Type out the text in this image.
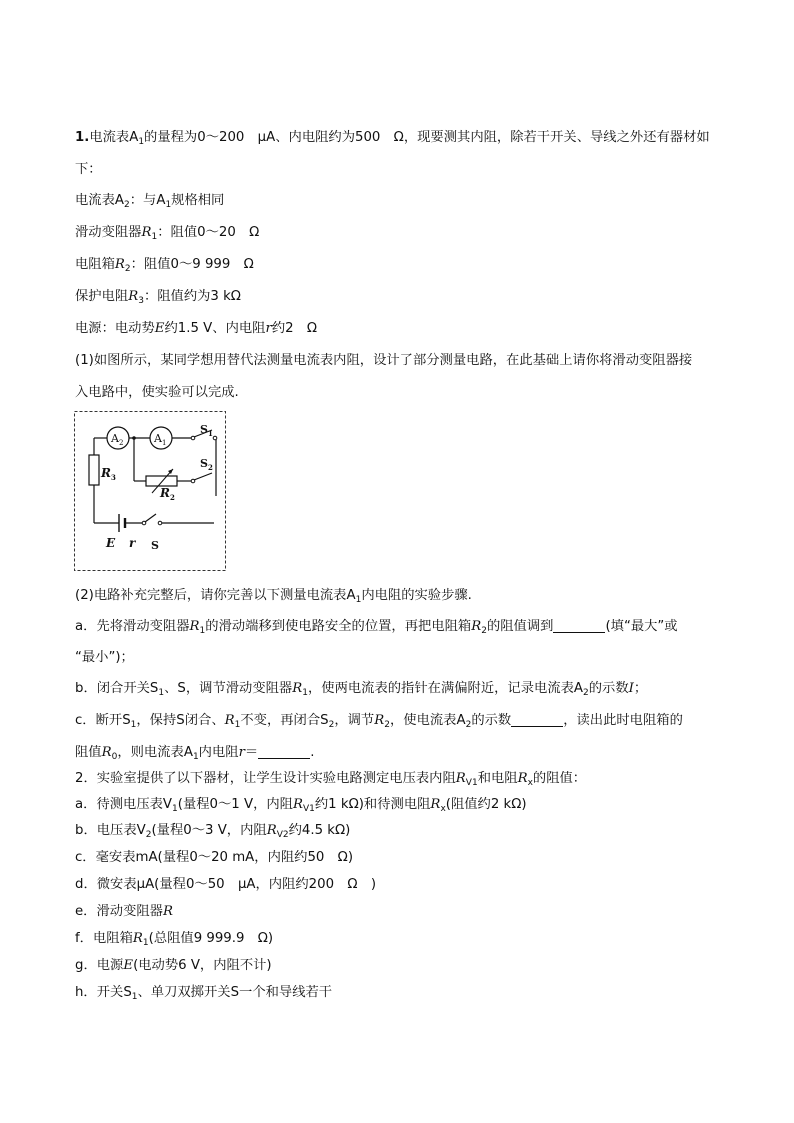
1.电流表$A_1$的量程为0～200　μA、内电阻约为500　Ω，现要测其内阻，除若干开关、导线之外还有器材如
下：
电流表$A_2$：与$A_1$规格相同
滑动变阻器$R_1$：阻值0～20　Ω
电阻箱$R_2$：阻值0～9 999　Ω
保护电阻$R_3$：阻值约为3 kΩ
电源：电动势E约1.5 V、内电阻r约2　Ω
(1)如图所示，某同学想用替代法测量电流表内阻，设计了部分测量电路，在此基础上请你将滑动变阻器接
入电路中，使实验可以完成.
$A_2$	$A_1$
$S_1$
$R_3$
$R_2$
$S_2$
E r S
(2)电路补充完整后，请你完善以下测量电流表$A_1$内电阻的实验步骤.
a．先将滑动变阻器$R_1$的滑动端移到使电路安全的位置，再把电阻箱$R_2$的阻值调到	(填“最大”或
“最小”)；
b．闭合开关$S_1$、S，调节滑动变阻器$R_1$，使两电流表的指针在满偏附近，记录电流表$A_2$的示数I；
c．断开$S_1$，保持S闭合、$R_1$不变，再闭合$S_2$，调节$R_2$，使电流表$A_2$的示数	，读出此时电阻箱的
阻值$R_0$，则电流表$A_1$内电阻r＝	.
2．实验室提供了以下器材，让学生设计实验电路测定电压表内阻$R_{V1}$和电阻$R_x$的阻值：
a．待测电压表$V_1$(量程0～1 V，内阻$R_{V1}$约1 kΩ)和待测电阻$R_x$(阻值约2 kΩ)
b．电压表$V_2$(量程0～3 V，内阻$R_{V2}$约4.5 kΩ)
c．毫安表mA(量程0～20 mA，内阻约50　Ω)
d．微安表μA(量程0～50　μA，内阻约200　Ω　)
e．滑动变阻器R
f．电阻箱$R_1$(总阻值9 999.9　Ω)
g．电源E(电动势6 V，内阻不计)
h．开关$S_1$、单刀双掷开关S一个和导线若干
